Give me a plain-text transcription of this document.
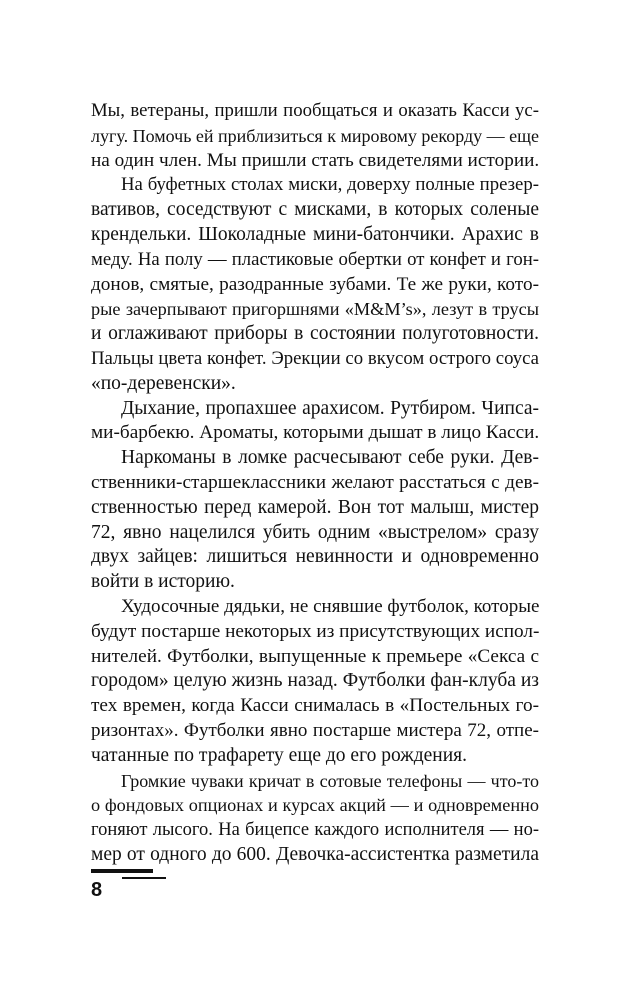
Мы, ветераны, пришли пообщаться и оказать Касси ус-
лугу. Помочь ей приблизиться к мировому рекорду — еще
на один член. Мы пришли стать свидетелями истории.
На буфетных столах миски, доверху полные презер-
вативов, соседствуют с мисками, в которых соленые
крендельки. Шоколадные мини-батончики. Арахис в
меду. На полу — пластиковые обертки от конфет и гон-
донов, смятые, разодранные зубами. Те же руки, кото-
рые зачерпывают пригоршнями «M&M’s», лезут в трусы
и оглаживают приборы в состоянии полуготовности.
Пальцы цвета конфет. Эрекции со вкусом острого соуса
«по-деревенски».
Дыхание, пропахшее арахисом. Рутбиром. Чипса-
ми-барбекю. Ароматы, которыми дышат в лицо Касси.
Наркоманы в ломке расчесывают себе руки. Дев-
ственники-старшеклассники желают расстаться с дев-
ственностью перед камерой. Вон тот малыш, мистер
72, явно нацелился убить одним «выстрелом» сразу
двух зайцев: лишиться невинности и одновременно
войти в историю.
Худосочные дядьки, не снявшие футболок, которые
будут постарше некоторых из присутствующих испол-
нителей. Футболки, выпущенные к премьере «Секса с
городом» целую жизнь назад. Футболки фан-клуба из
тех времен, когда Касси снималась в «Постельных го-
ризонтах». Футболки явно постарше мистера 72, отпе-
чатанные по трафарету еще до его рождения.
Громкие чуваки кричат в сотовые телефоны — что-то
о фондовых опционах и курсах акций — и одновременно
гоняют лысого. На бицепсе каждого исполнителя — но-
мер от одного до 600. Девочка-ассистентка разметила
8
